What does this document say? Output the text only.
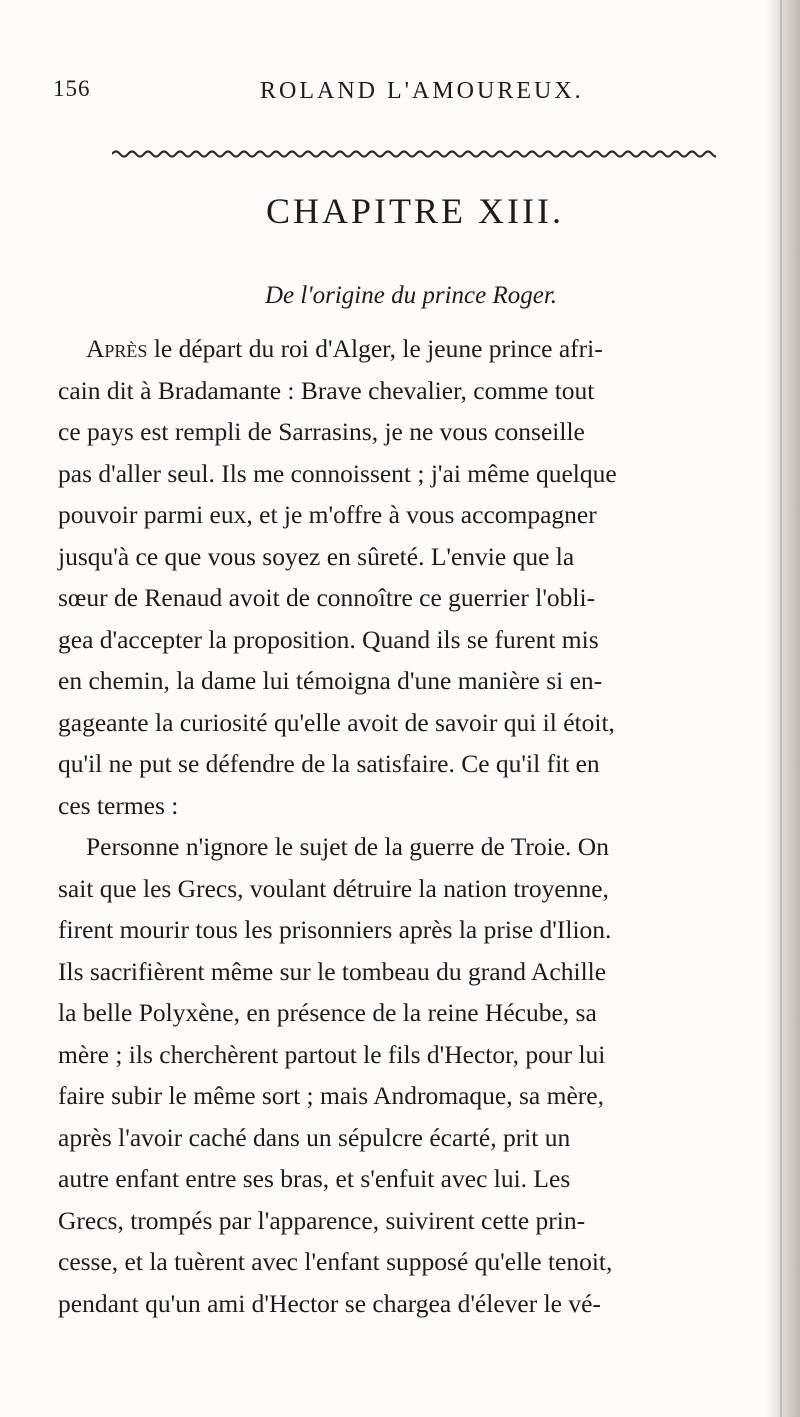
156	ROLAND L'AMOUREUX.
CHAPITRE XIII.
De l'origine du prince Roger.
Après le départ du roi d'Alger, le jeune prince afri-
cain dit à Bradamante : Brave chevalier, comme tout
ce pays est rempli de Sarrasins, je ne vous conseille
pas d'aller seul. Ils me connoissent ; j'ai même quelque
pouvoir parmi eux, et je m'offre à vous accompagner
jusqu'à ce que vous soyez en sûreté. L'envie que la
sœur de Renaud avoit de connoître ce guerrier l'obli-
gea d'accepter la proposition. Quand ils se furent mis
en chemin, la dame lui témoigna d'une manière si en-
gageante la curiosité qu'elle avoit de savoir qui il étoit,
qu'il ne put se défendre de la satisfaire. Ce qu'il fit en
ces termes :
Personne n'ignore le sujet de la guerre de Troie. On
sait que les Grecs, voulant détruire la nation troyenne,
firent mourir tous les prisonniers après la prise d'Ilion.
Ils sacrifièrent même sur le tombeau du grand Achille
la belle Polyxène, en présence de la reine Hécube, sa
mère ; ils cherchèrent partout le fils d'Hector, pour lui
faire subir le même sort ; mais Andromaque, sa mère,
après l'avoir caché dans un sépulcre écarté, prit un
autre enfant entre ses bras, et s'enfuit avec lui. Les
Grecs, trompés par l'apparence, suivirent cette prin-
cesse, et la tuèrent avec l'enfant supposé qu'elle tenoit,
pendant qu'un ami d'Hector se chargea d'élever le vé-
